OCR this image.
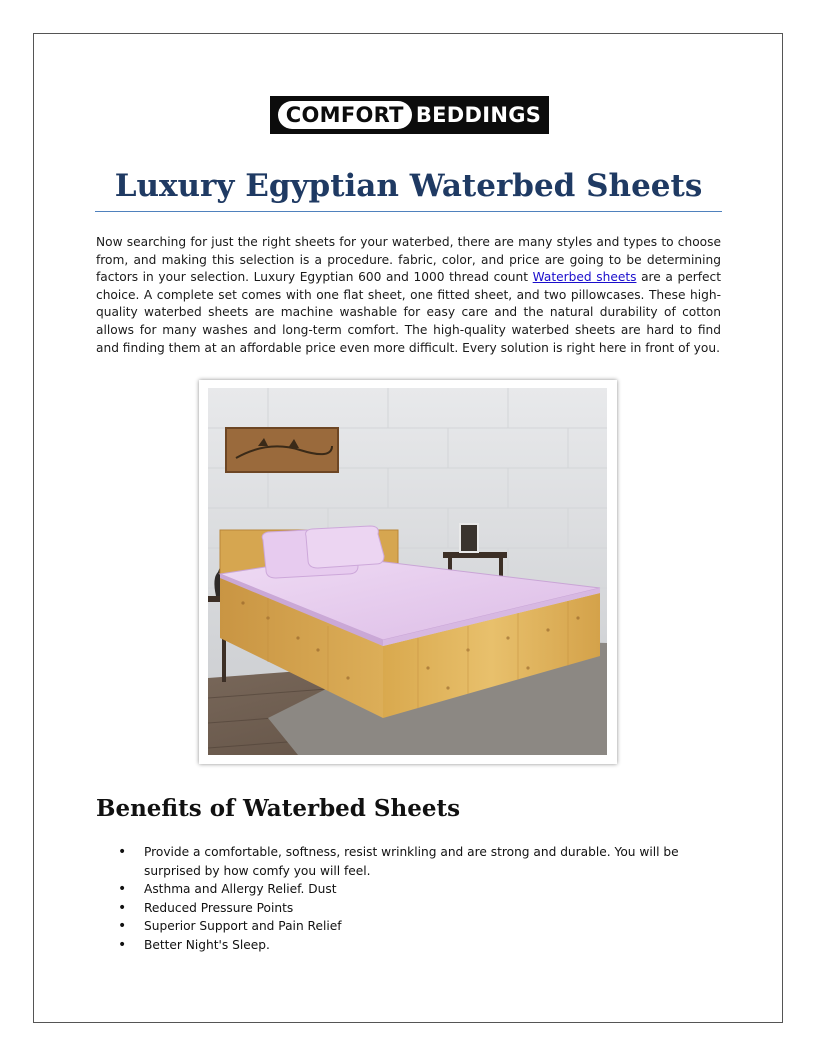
COMFORT BEDDINGS
Luxury Egyptian Waterbed Sheets

Now searching for just the right sheets for your waterbed, there are many styles and types to choose from, and making this selection is a procedure. fabric, color, and price are going to be determining factors in your selection. Luxury Egyptian 600 and 1000 thread count Waterbed sheets are a perfect choice. A complete set comes with one flat sheet, one fitted sheet, and two pillowcases. These high-quality waterbed sheets are machine washable for easy care and the natural durability of cotton allows for many washes and long-term comfort. The high-quality waterbed sheets are hard to find and finding them at an affordable price even more difficult. Every solution is right here in front of you.

Benefits of Waterbed Sheets
• Provide a comfortable, softness, resist wrinkling and are strong and durable. You will be surprised by how comfy you will feel.
• Asthma and Allergy Relief. Dust
• Reduced Pressure Points
• Superior Support and Pain Relief
• Better Night's Sleep.
